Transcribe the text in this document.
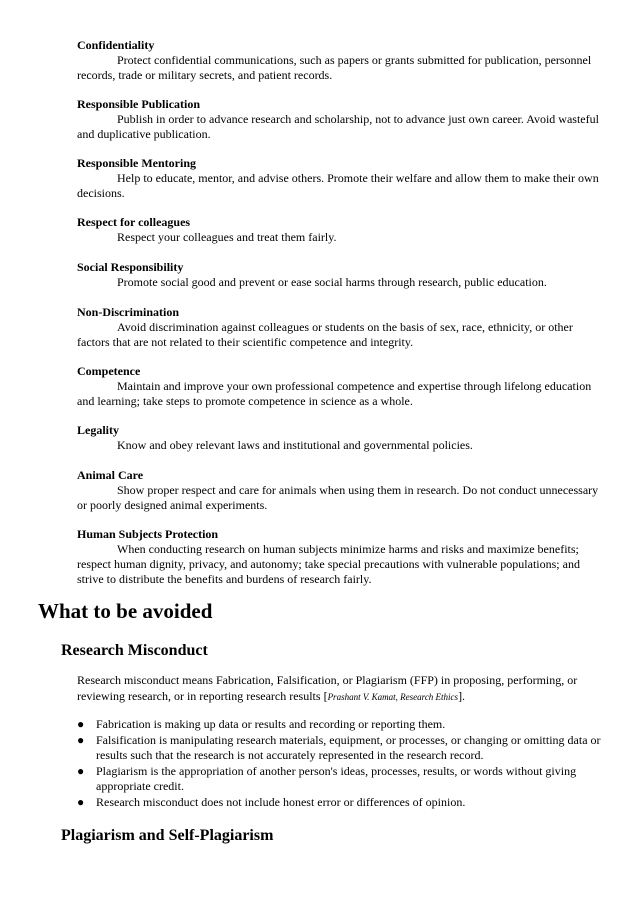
Confidentiality
Protect confidential communications, such as papers or grants submitted for publication, personnel records, trade or military secrets, and patient records.
Responsible Publication
Publish in order to advance research and scholarship, not to advance just own career. Avoid wasteful and duplicative publication.
Responsible Mentoring
Help to educate, mentor, and advise others. Promote their welfare and allow them to make their own decisions.
Respect for colleagues
Respect your colleagues and treat them fairly.
Social Responsibility
Promote social good and prevent or ease social harms through research, public education.
Non-Discrimination
Avoid discrimination against colleagues or students on the basis of sex, race, ethnicity, or other factors that are not related to their scientific competence and integrity.
Competence
Maintain and improve your own professional competence and expertise through lifelong education and learning; take steps to promote competence in science as a whole.
Legality
Know and obey relevant laws and institutional and governmental policies.
Animal Care
Show proper respect and care for animals when using them in research. Do not conduct unnecessary or poorly designed animal experiments.
Human Subjects Protection
When conducting research on human subjects minimize harms and risks and maximize benefits; respect human dignity, privacy, and autonomy; take special precautions with vulnerable populations; and strive to distribute the benefits and burdens of research fairly.
What to be avoided
Research Misconduct
Research misconduct means Fabrication, Falsification, or Plagiarism (FFP) in proposing, performing, or reviewing research, or in reporting research results [Prashant V. Kamat, Research Ethics].
● Fabrication is making up data or results and recording or reporting them.
● Falsification is manipulating research materials, equipment, or processes, or changing or omitting data or results such that the research is not accurately represented in the research record.
● Plagiarism is the appropriation of another person's ideas, processes, results, or words without giving appropriate credit.
● Research misconduct does not include honest error or differences of opinion.
Plagiarism and Self-Plagiarism
